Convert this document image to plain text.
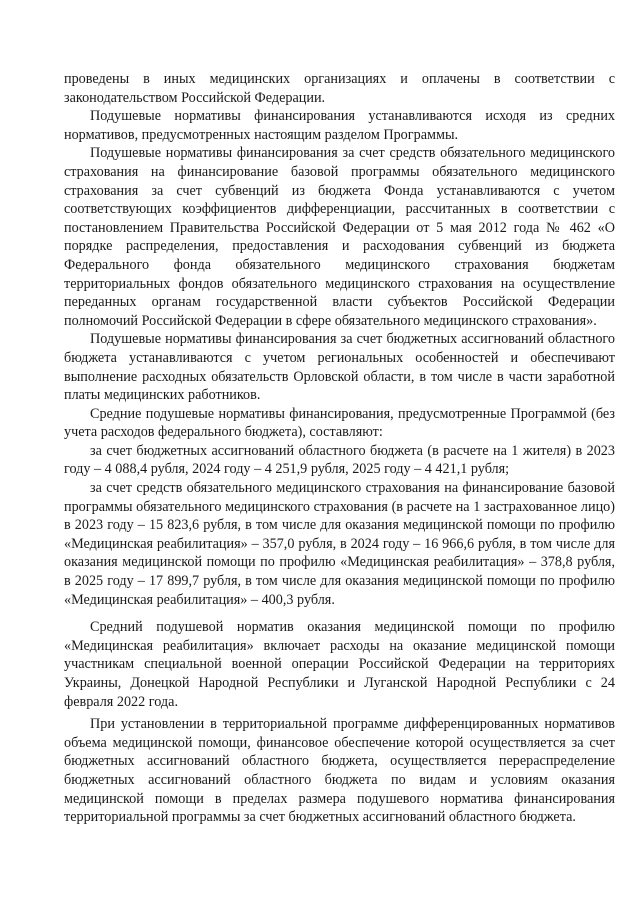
проведены в иных медицинских организациях и оплачены в соответствии с законодательством Российской Федерации.

Подушевые нормативы финансирования устанавливаются исходя из средних нормативов, предусмотренных настоящим разделом Программы.

Подушевые нормативы финансирования за счет средств обязательного медицинского страхования на финансирование базовой программы обязательного медицинского страхования за счет субвенций из бюджета Фонда устанавливаются с учетом соответствующих коэффициентов дифференциации, рассчитанных в соответствии с постановлением Правительства Российской Федерации от 5 мая 2012 года № 462 «О порядке распределения, предоставления и расходования субвенций из бюджета Федерального фонда обязательного медицинского страхования бюджетам территориальных фондов обязательного медицинского страхования на осуществление переданных органам государственной власти субъектов Российской Федерации полномочий Российской Федерации в сфере обязательного медицинского страхования».

Подушевые нормативы финансирования за счет бюджетных ассигнований областного бюджета устанавливаются с учетом региональных особенностей и обеспечивают выполнение расходных обязательств Орловской области, в том числе в части заработной платы медицинских работников.

Средние подушевые нормативы финансирования, предусмотренные Программой (без учета расходов федерального бюджета), составляют:

за счет бюджетных ассигнований областного бюджета (в расчете на 1 жителя) в 2023 году – 4 088,4 рубля, 2024 году – 4 251,9 рубля, 2025 году – 4 421,1 рубля;

за счет средств обязательного медицинского страхования на финансирование базовой программы обязательного медицинского страхования (в расчете на 1 застрахованное лицо) в 2023 году – 15 823,6 рубля, в том числе для оказания медицинской помощи по профилю «Медицинская реабилитация» – 357,0 рубля, в 2024 году – 16 966,6 рубля, в том числе для оказания медицинской помощи по профилю «Медицинская реабилитация» – 378,8 рубля, в 2025 году – 17 899,7 рубля, в том числе для оказания медицинской помощи по профилю «Медицинская реабилитация» – 400,3 рубля.

Средний подушевой норматив оказания медицинской помощи по профилю «Медицинская реабилитация» включает расходы на оказание медицинской помощи участникам специальной военной операции Российской Федерации на территориях Украины, Донецкой Народной Республики и Луганской Народной Республики с 24 февраля 2022 года.

При установлении в территориальной программе дифференцированных нормативов объема медицинской помощи, финансовое обеспечение которой осуществляется за счет бюджетных ассигнований областного бюджета, осуществляется перераспределение бюджетных ассигнований областного бюджета по видам и условиям оказания медицинской помощи в пределах размера подушевого норматива финансирования территориальной программы за счет бюджетных ассигнований областного бюджета.
